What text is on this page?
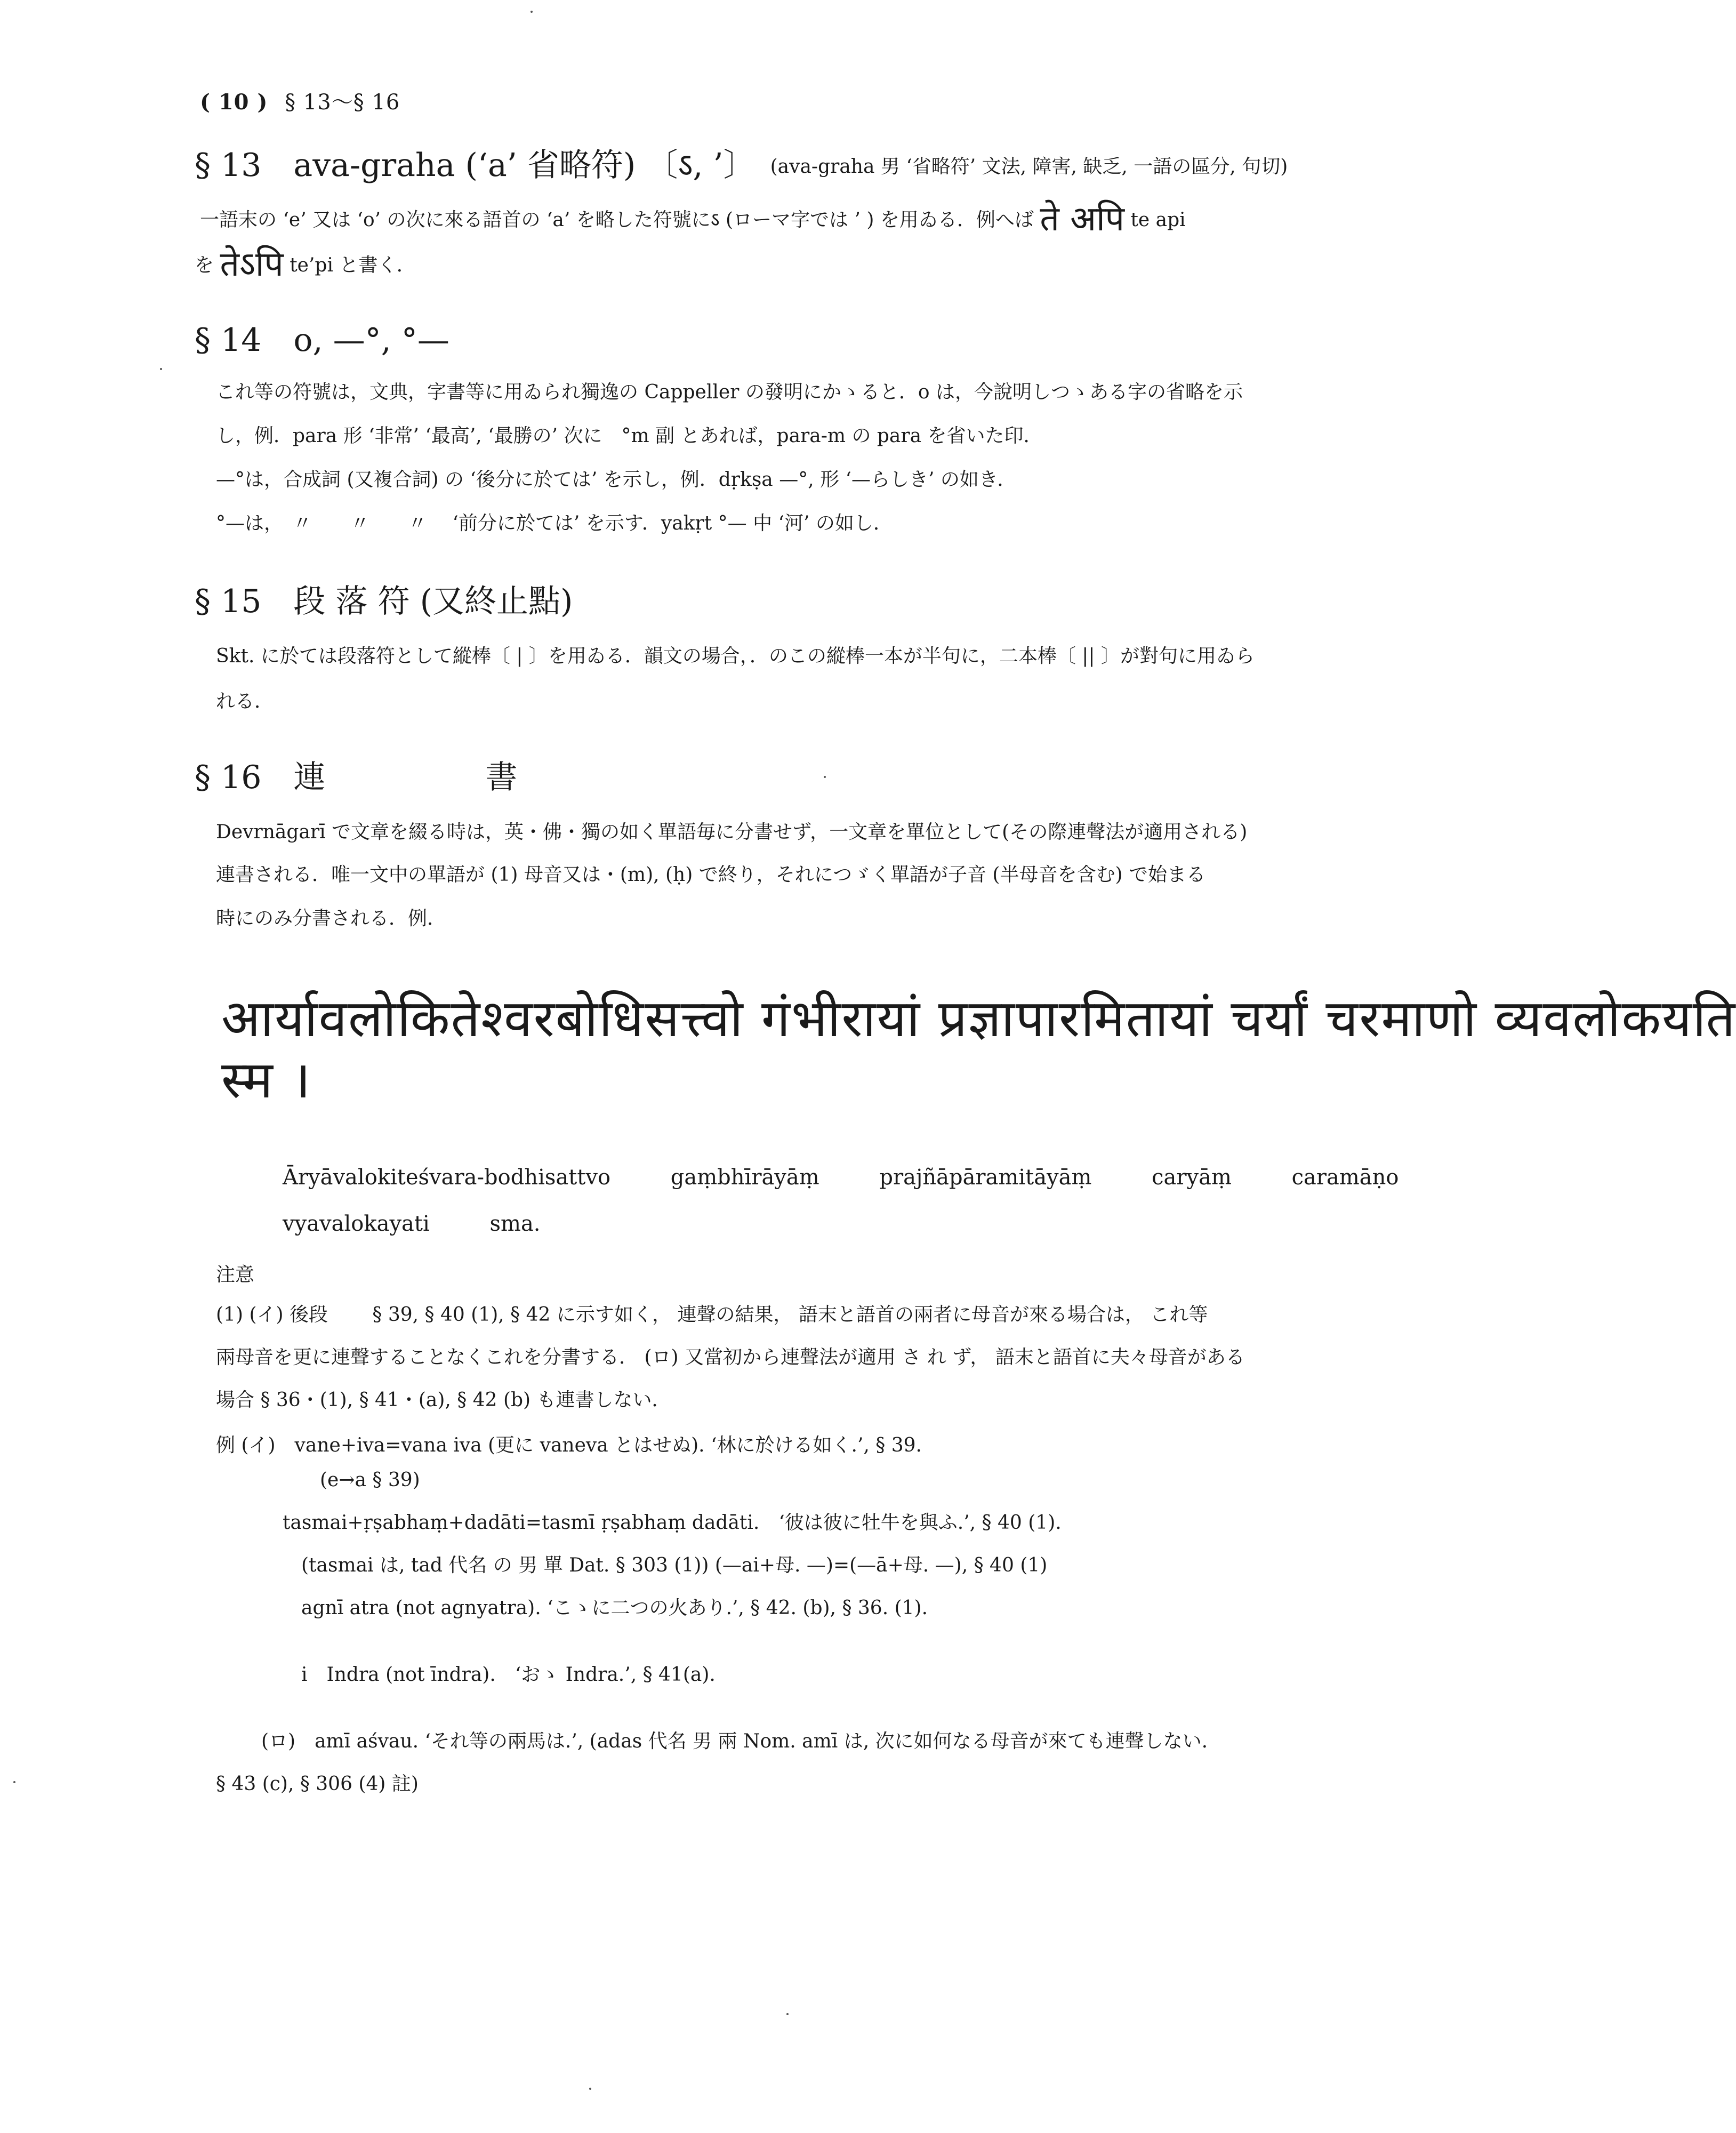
( 10 ) § 13〜§ 16
§ 13　ava-graha (‘a’ 省略符) 〔ऽ, ’〕 (ava-graha 男 ‘省略符’ 文法, 障害, 缺乏, 一語の區分, 句切)
一語末の ‘e’ 又は ‘o’ の次に來る語首の ‘a’ を略した符號にऽ (ローマ字では ’ ) を用ゐる．例へば ते अपि te api
を तेऽपि te’pi と書く．
§ 14　o, —°, °—
これ等の符號は，文典，字書等に用ゐられ獨逸の Cappeller の發明にかゝると．o は，今說明しつゝある字の省略を示
し，例．para 形 ‘非常’ ‘最高’, ‘最勝の’ 次に　°m 副 とあれば，para-m の para を省いた印．
—°は，合成詞 (又複合詞) の ‘後分に於ては’ を示し，例．dṛkṣa —°, 形 ‘—らしき’ の如き．
°—は，　〃　　〃　　〃　 ‘前分に於ては’ を示す．yakṛt °— 中 ‘河’ の如し．
§ 15　段 落 符 (又終止點)
Skt. に於ては段落符として縱棒〔 | 〕を用ゐる．韻文の場合，．のこの縱棒一本が半句に，二本棒〔 || 〕が對句に用ゐら
れる．
§ 16　連　　　　　書
Devrnāgarī で文章を綴る時は，英・佛・獨の如く單語毎に分書せず，一文章を單位として(その際連聲法が適用される)
連書される．唯一文中の單語が (1) 母音又は・(m), (ḥ) で終り，それにつゞく單語が子音 (半母音を含む) で始まる
時にのみ分書される．例．
आर्यावलोकितेश्वरबोधिसत्त्वो गंभीरायां प्रज्ञापारमितायां चर्यां चरमाणो व्यवलोकयति
स्म ।
Āryāvalokiteśvara-bodhisattvo	gaṃbhīrāyāṃ	prajñāpāramitāyāṃ	caryāṃ	caramāṇo
vyavalokayati	sma.
注意
(1) (イ) 後段　　 § 39, § 40 (1), § 42 に示す如く， 連聲の結果， 語末と語首の兩者に母音が來る場合は， これ等
兩母音を更に連聲することなくこれを分書する． (ロ) 又當初から連聲法が適用 さ れ ず， 語末と語首に夫々母音がある
場合 § 36・(1), § 41・(a), § 42 (b) も連書しない．
例 (イ)　vane+iva=vana iva (更に vaneva とはせぬ). ‘林に於ける如く.’, § 39.
(e→a § 39)
tasmai+ṛṣabhaṃ+dadāti=tasmī ṛṣabhaṃ dadāti.　‘彼は彼に牡牛を與ふ.’, § 40 (1).
(tasmai は, tad 代名 の 男 單 Dat. § 303 (1)) (—ai+母. —)=(—ā+母. —), § 40 (1)
agnī atra (not agnyatra). ‘こゝに二つの火あり.’, § 42. (b), § 36. (1).
i　Indra (not īndra).　‘おゝ Indra.’, § 41(a).
(ロ)　amī aśvau. ‘それ等の兩馬は.’, (adas 代名 男 兩 Nom. amī は, 次に如何なる母音が來ても連聲しない.
§ 43 (c), § 306 (4) 註)
